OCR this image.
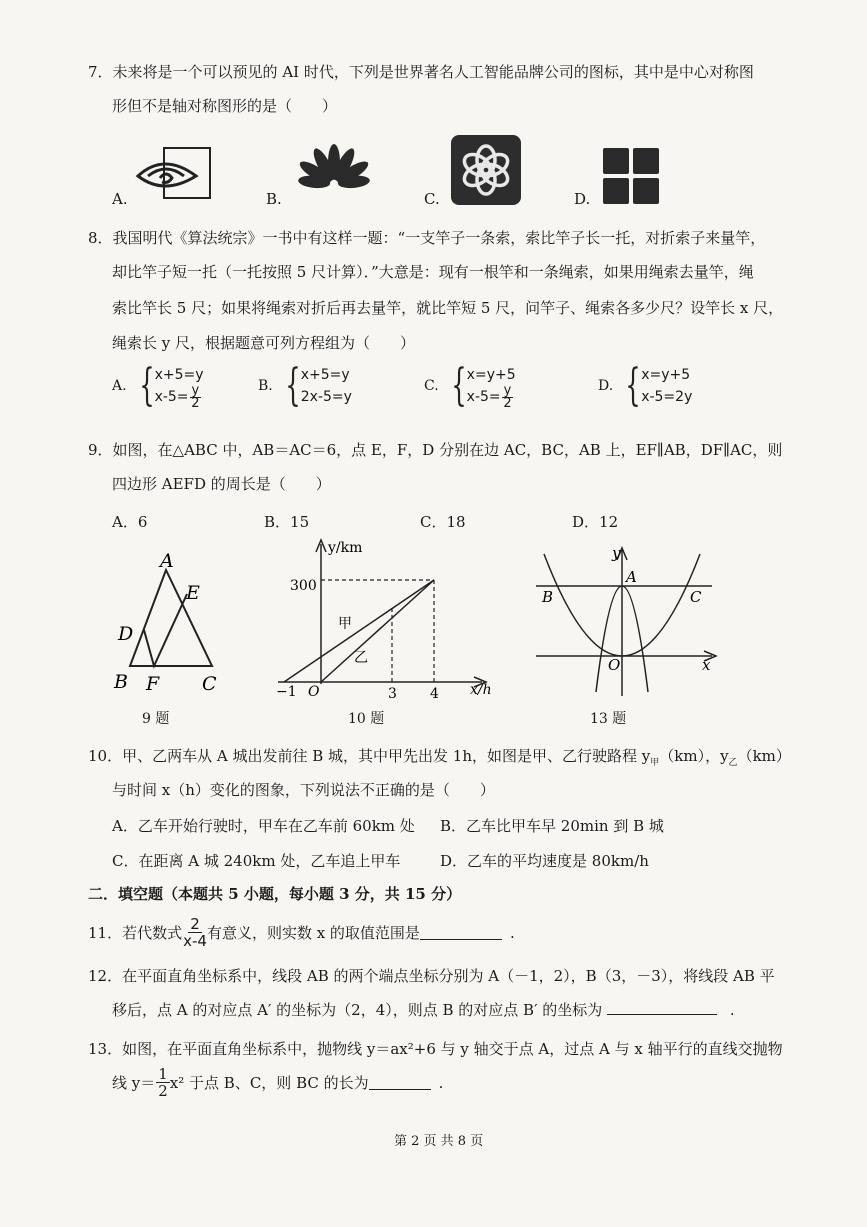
7．未来将是一个可以预见的 AI 时代，下列是世界著名人工智能品牌公司的图标，其中是中心对称图
形但不是轴对称图形的是（　　）
A.	B.	C.	D.
8．我国明代《算法统宗》一书中有这样一题：“一支竿子一条索，索比竿子长一托，对折索子来量竿，
却比竿子短一托（一托按照 5 尺计算）．”大意是：现有一根竿和一条绳索，如果用绳索去量竿，绳
索比竿长 5 尺；如果将绳索对折后再去量竿，就比竿短 5 尺，问竿子、绳索各多少尺？设竿长 x 尺，
绳索长 y 尺，根据题意可列方程组为（　　）
A. { x+5=y
$x-5= \frac{y}{2}$	B. { x+5=y
2x-5=y
C. { x=y+5
$x-5= \frac{y}{2}$	D. { x=y+5
x-5=2y
9．如图，在△ABC 中，AB＝AC＝6，点 E，F，D 分别在边 AC，BC，AB 上，EF∥AB，DF∥AC，则
四边形 AEFD 的周长是（　　）
A．6	B．15	C．18	D．12
A
E
D
B F C
9 题
y/km
x/h
300
−1 O	3 4
甲
乙
10 题
y
x
A
B	C
O
13 题
10．甲、乙两车从 A 城出发前往 B 城，其中甲先出发 1h，如图是甲、乙行驶路程 $y_甲(km)$，$y_乙(km)$
与时间 x（h）变化的图象，下列说法不正确的是（　　）
A．乙车开始行驶时，甲车在乙车前 60km 处 B．乙车比甲车早 20min 到 B 城
C．在距离 A 城 240km 处，乙车追上甲车	D．乙车的平均速度是 80km/h
二．填空题（本题共 5 小题，每小题 3 分，共 15 分）
11．若代数式 $\frac{2}{x-4}$ 有意义，则实数 x 的取值范围是	.
12．在平面直角坐标系中，线段 AB 的两个端点坐标分别为 A（－1，2），B（3，－3），将线段 AB 平
移后，点 A 的对应点 A′ 的坐标为（2，4），则点 B 的对应点 B′ 的坐标为	.
13．如图，在平面直角坐标系中，抛物线 y＝ax²+6 与 y 轴交于点 A，过点 A 与 x 轴平行的直线交抛物
线 $y= \frac{1}{2} x^2$ 于点 B、C，则 BC 的长为	.
第 2 页 共 8 页
